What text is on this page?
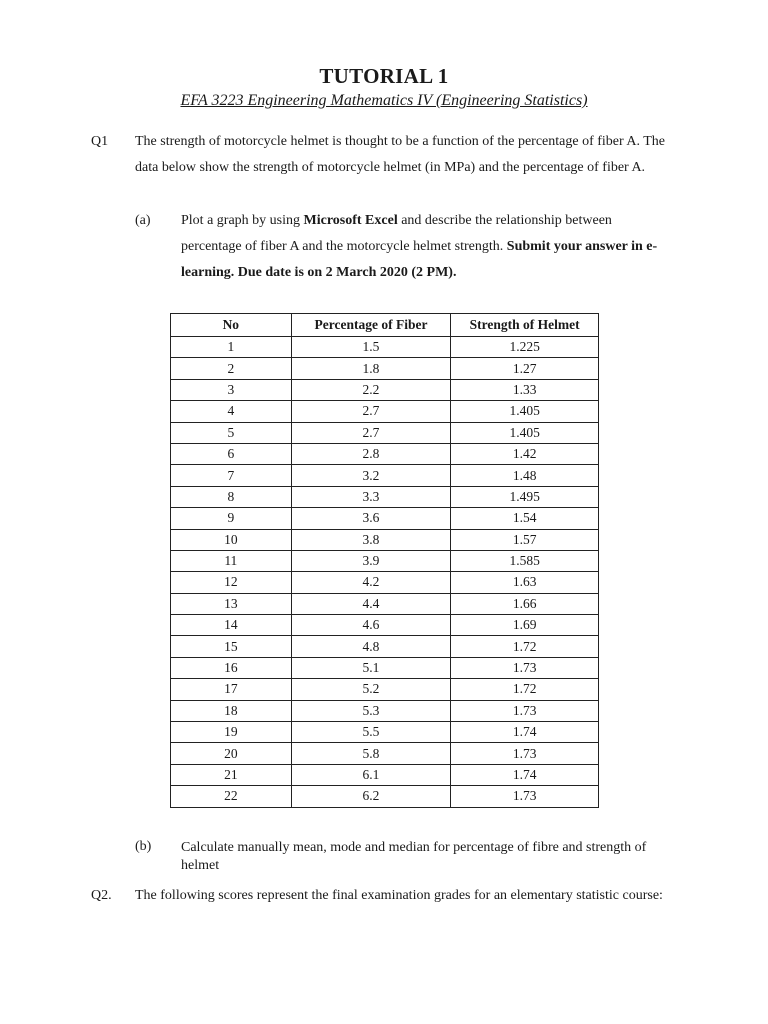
TUTORIAL 1
EFA 3223 Engineering Mathematics IV (Engineering Statistics)
Q1 The strength of motorcycle helmet is thought to be a function of the percentage of fiber A. The data below show the strength of motorcycle helmet (in MPa) and the percentage of fiber A.
(a) Plot a graph by using Microsoft Excel and describe the relationship between percentage of fiber A and the motorcycle helmet strength. Submit your answer in e-learning. Due date is on 2 March 2020 (2 PM).
No	Percentage of Fiber	Strength of Helmet
1	1.5	1.225
2	1.8	1.27
3	2.2	1.33
4	2.7	1.405
5	2.7	1.405
6	2.8	1.42
7	3.2	1.48
8	3.3	1.495
9	3.6	1.54
10	3.8	1.57
11	3.9	1.585
12	4.2	1.63
13	4.4	1.66
14	4.6	1.69
15	4.8	1.72
16	5.1	1.73
17	5.2	1.72
18	5.3	1.73
19	5.5	1.74
20	5.8	1.73
21	6.1	1.74
22	6.2	1.73
(b) Calculate manually mean, mode and median for percentage of fibre and strength of helmet
Q2. The following scores represent the final examination grades for an elementary statistic course:
